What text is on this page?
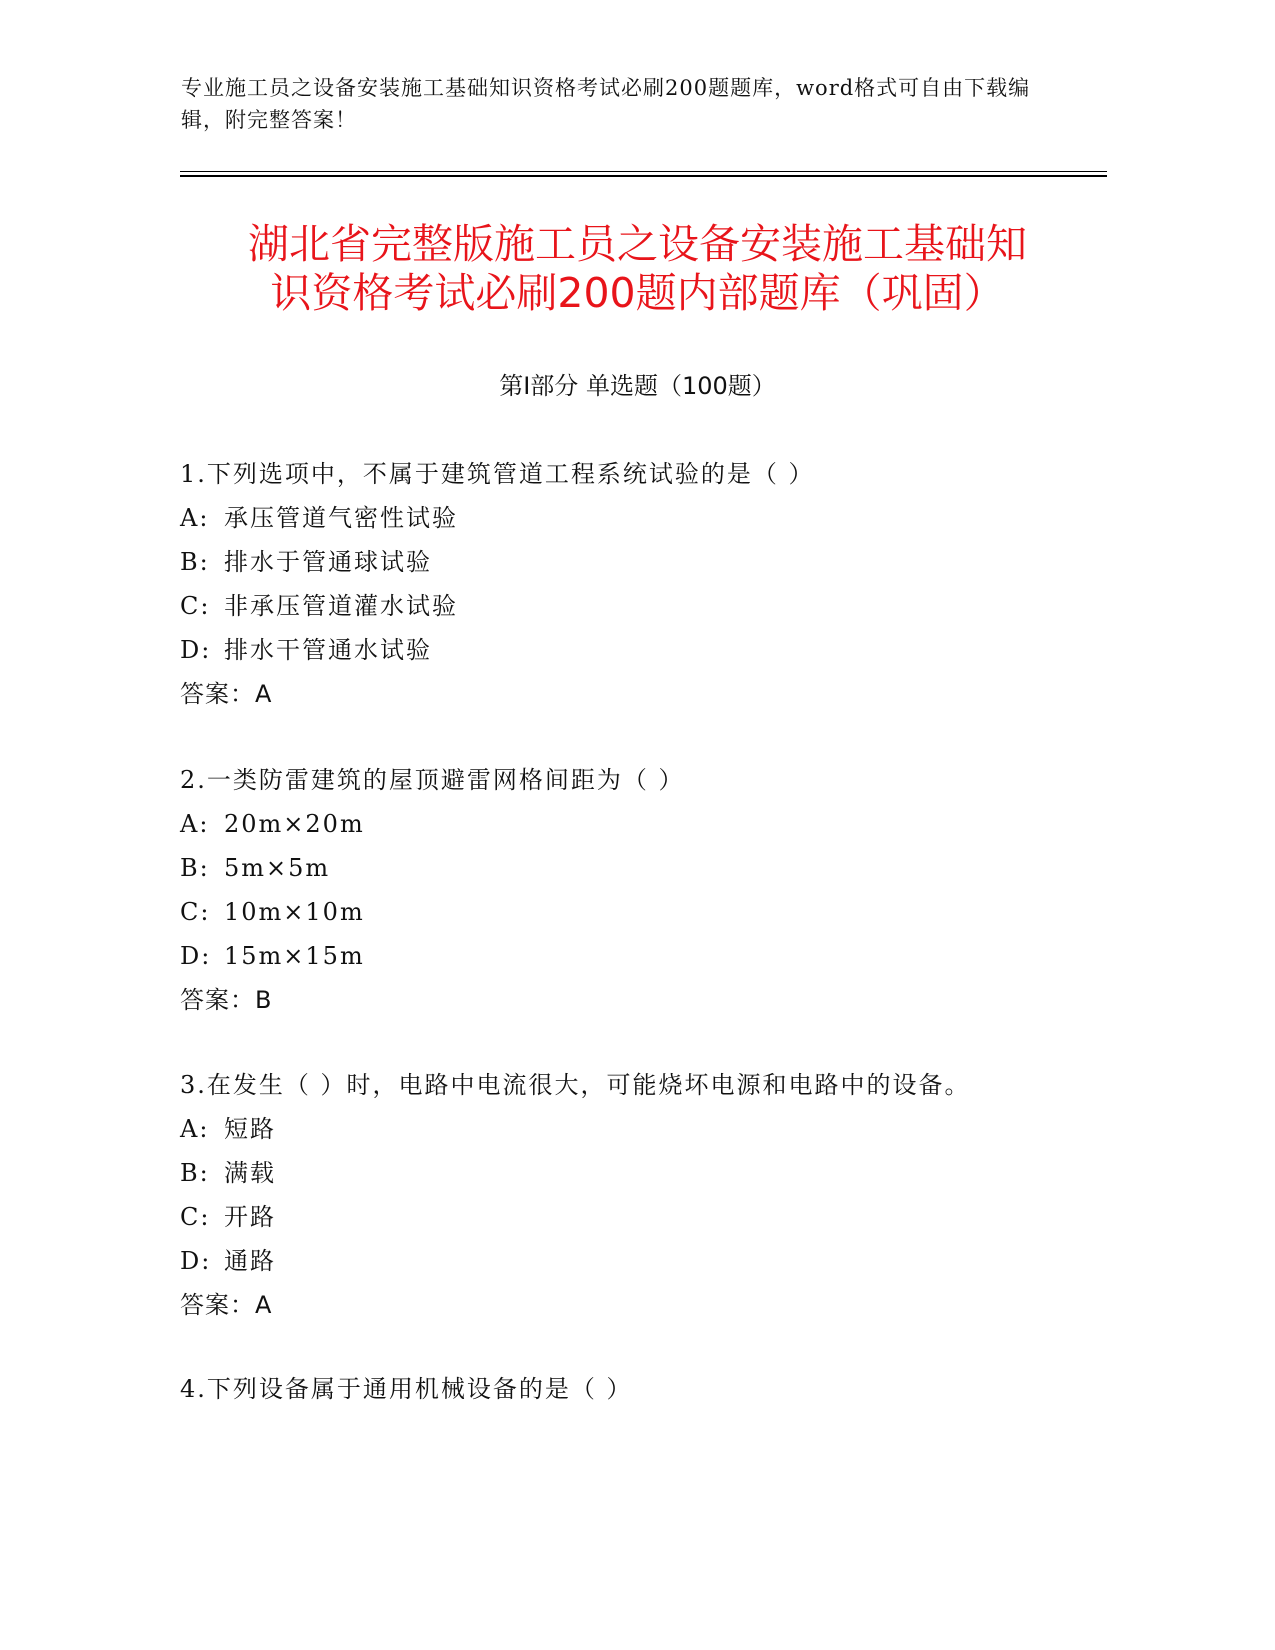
专业施工员之设备安装施工基础知识资格考试必刷200题题库，word格式可自由下载编辑，附完整答案！
湖北省完整版施工员之设备安装施工基础知
识资格考试必刷200题内部题库（巩固）
第Ⅰ部分 单选题（100题）
1.下列选项中，不属于建筑管道工程系统试验的是（ ）
A: 承压管道气密性试验
B: 排水于管通球试验
C: 非承压管道灌水试验
D: 排水干管通水试验
答案：A
2.一类防雷建筑的屋顶避雷网格间距为（ ）
A: 20m×20m
B: 5m×5m
C: 10m×10m
D: 15m×15m
答案：B
3.在发生（ ）时，电路中电流很大，可能烧坏电源和电路中的设备。
A: 短路
B: 满载
C: 开路
D: 通路
答案：A
4.下列设备属于通用机械设备的是（ ）
